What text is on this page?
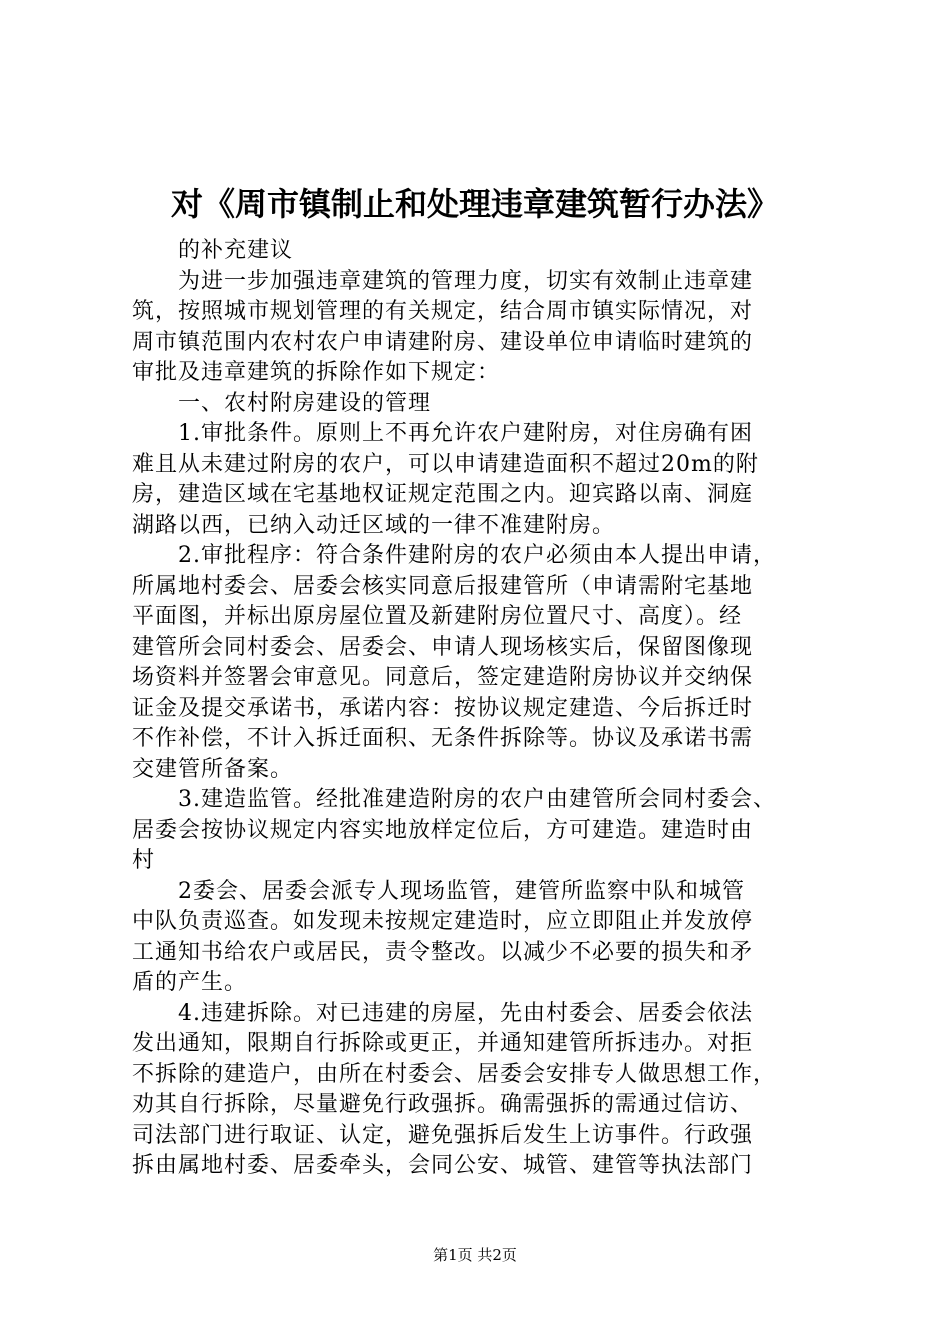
对《周市镇制止和处理违章建筑暂行办法》
的补充建议
为进一步加强违章建筑的管理力度，切实有效制止违章建
筑，按照城市规划管理的有关规定，结合周市镇实际情况，对
周市镇范围内农村农户申请建附房、建设单位申请临时建筑的
审批及违章建筑的拆除作如下规定：
一、农村附房建设的管理
1.审批条件。原则上不再允许农户建附房，对住房确有困
难且从未建过附房的农户，可以申请建造面积不超过20m的附
房，建造区域在宅基地权证规定范围之内。迎宾路以南、洞庭
湖路以西，已纳入动迁区域的一律不准建附房。
2.审批程序：符合条件建附房的农户必须由本人提出申请，
所属地村委会、居委会核实同意后报建管所（申请需附宅基地
平面图，并标出原房屋位置及新建附房位置尺寸、高度）。经
建管所会同村委会、居委会、申请人现场核实后，保留图像现
场资料并签署会审意见。同意后，签定建造附房协议并交纳保
证金及提交承诺书，承诺内容：按协议规定建造、今后拆迁时
不作补偿，不计入拆迁面积、无条件拆除等。协议及承诺书需
交建管所备案。
3.建造监管。经批准建造附房的农户由建管所会同村委会、
居委会按协议规定内容实地放样定位后，方可建造。建造时由
村
2委会、居委会派专人现场监管，建管所监察中队和城管
中队负责巡查。如发现未按规定建造时，应立即阻止并发放停
工通知书给农户或居民，责令整改。以减少不必要的损失和矛
盾的产生。
4.违建拆除。对已违建的房屋，先由村委会、居委会依法
发出通知，限期自行拆除或更正，并通知建管所拆违办。对拒
不拆除的建造户，由所在村委会、居委会安排专人做思想工作，
劝其自行拆除，尽量避免行政强拆。确需强拆的需通过信访、
司法部门进行取证、认定，避免强拆后发生上访事件。行政强
拆由属地村委、居委牵头，会同公安、城管、建管等执法部门
第1页 共2页
